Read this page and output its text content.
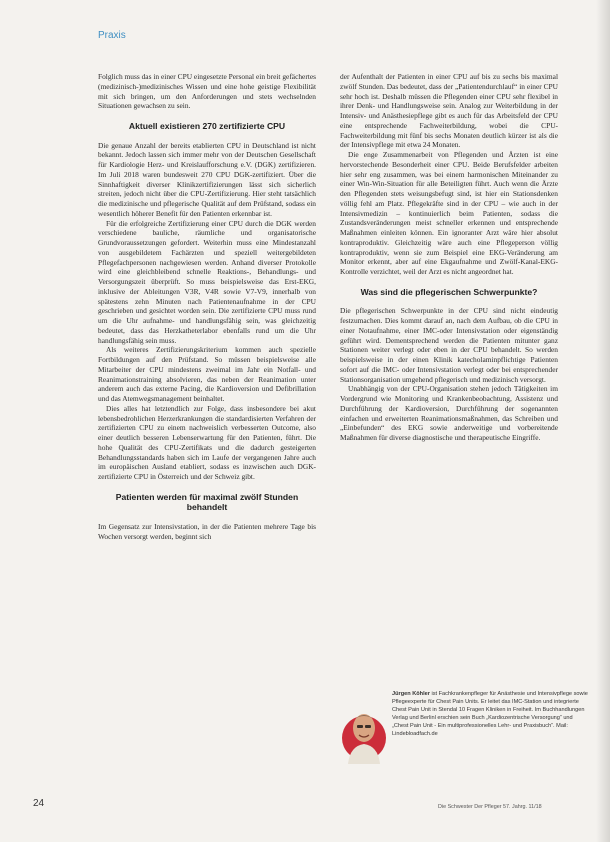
Praxis

Folglich muss das in einer CPU eingesetzte Personal ein breit gefächertes (medizinisch-)medizinisches Wissen und eine hohe geistige Flexibilität mit sich bringen, um den Anforderungen und stets wechselnden Situationen gewachsen zu sein.

Aktuell existieren 270 zertifizierte CPU

Die genaue Anzahl der bereits etablierten CPU in Deutschland ist nicht bekannt. Jedoch lassen sich immer mehr von der Deutschen Gesellschaft für Kardiologie Herz- und Kreislaufforschung e.V. (DGK) zertifizieren. Im Juli 2018 waren bundesweit 270 CPU DGK-zertifiziert. Über die Sinnhaftigkeit diverser Klinikzertifizierungen lässt sich sicherlich streiten, jedoch nicht über die CPU-Zertifizierung. Hier steht tatsächlich die medizinische und pflegerische Qualität auf dem Prüfstand, sodass ein wesentlich höherer Benefit für den Patienten erkennbar ist.

Für die erfolgreiche Zertifizierung einer CPU durch die DGK werden verschiedene bauliche, räumliche und organisatorische Grundvoraussetzungen gefordert. Weiterhin muss eine Mindestanzahl von ausgebildetem Fachärzten und speziell weitergebildeten Pflegefachpersonen nachgewiesen werden. Anhand diverser Protokolle wird eine gleichbleibend schnelle Reaktions-, Behandlungs- und Versorgungszeit überprüft. So muss beispielsweise das Erst-EKG, inklusive der Ableitungen V3R, V4R sowie V7-V9, innerhalb von spätestens zehn Minuten nach Patientenaufnahme in der CPU geschrieben und gesichtet worden sein. Die zertifizierte CPU muss rund um die Uhr aufnahme- und handlungsfähig sein, was gleichzeitig bedeutet, dass das Herzkatheterlabor ebenfalls rund um die Uhr handlungsfähig sein muss.

Als weiteres Zertifizierungskriterium kommen auch spezielle Fortbildungen auf den Prüfstand. So müssen beispielsweise alle Mitarbeiter der CPU mindestens zweimal im Jahr ein Notfall- und Reanimationstraining absolvieren, das neben der Reanimation unter anderem auch das externe Pacing, die Kardioversion und Defibrillation und das Atemwegsmanagement beinhaltet.

Dies alles hat letztendlich zur Folge, dass insbesondere bei akut lebensbedrohlichen Herzerkrankungen die standardisierten Verfahren der zertifizierten CPU zu einem nachweislich verbesserten Outcome, also einer deutlich besseren Lebenserwartung für den Patienten, führt. Die hohe Qualität des CPU-Zertifikats und die dadurch gesteigerten Behandlungsstandards haben sich im Laufe der vergangenen Jahre auch im europäischen Ausland etabliert, sodass es inzwischen auch DGK-zertifizierte CPU in Österreich und der Schweiz gibt.

Patienten werden für maximal zwölf Stunden behandelt

Im Gegensatz zur Intensivstation, in der die Patienten mehrere Tage bis Wochen versorgt werden, beginnt sich

der Aufenthalt der Patienten in einer CPU auf bis zu sechs bis maximal zwölf Stunden. Das bedeutet, dass der „Patientendurchlauf“ in einer CPU sehr hoch ist. Deshalb müssen die Pflegenden einer CPU sehr flexibel in ihrer Denk- und Handlungsweise sein. Analog zur Weiterbildung in der Intensiv- und Anästhesiepflege gibt es auch für das Arbeitsfeld der CPU eine entsprechende Fachweiterbildung, wobei die CPU-Fachweiterbildung mit fünf bis sechs Monaten deutlich kürzer ist als die der Intensivpflege mit etwa 24 Monaten.

Die enge Zusammenarbeit von Pflegenden und Ärzten ist eine hervorstechende Besonderheit einer CPU. Beide Berufsfelder arbeiten hier sehr eng zusammen, was bei einem harmonischen Miteinander zu einer Win-Win-Situation für alle Beteiligten führt. Auch wenn die Ärzte den Pflegenden stets weisungsbefugt sind, ist hier ein Stationsdenken völlig fehl am Platz. Pflegekräfte sind in der CPU – wie auch in der Intensivmedizin – kontinuierlich beim Patienten, sodass die Zustandsveränderungen meist schneller erkennen und entsprechende Maßnahmen einleiten können. Ein ignoranter Arzt wäre hier absolut kontraproduktiv. Gleichzeitig wäre auch eine Pflegeperson völlig kontraproduktiv, wenn sie zum Beispiel eine EKG-Veränderung am Monitor erkennt, aber auf eine Ekgaufnahme und Zwölf-Kanal-EKG-Kontrolle verzichtet, weil der Arzt es nicht angeordnet hat.

Was sind die pflegerischen Schwerpunkte?

Die pflegerischen Schwerpunkte in der CPU sind nicht eindeutig festzumachen. Dies kommt darauf an, nach dem Aufbau, ob die CPU in einer Notaufnahme, einer IMC-oder Intensivstation oder eigenständig geführt wird. Dementsprechend werden die Patienten mitunter ganz Stationen weiter verlegt oder eben in der CPU behandelt. So werden beispielsweise in der einen Klinik katecholaminpflichtige Patienten sofort auf die IMC- oder Intensivstation verlegt oder bei entsprechender Stationsorganisation umgehend pflegerisch und medizinisch versorgt.

Unabhängig von der CPU-Organisation stehen jedoch Tätigkeiten im Vordergrund wie Monitoring und Krankenbeobachtung, Assistenz und Durchführung der Kardioversion, Durchführung der sogenannten einfachen und erweiterten Reanimationsmaßnahmen, das Schreiben und „Einbefunden“ des EKG sowie anderweitige und vorbereitende Maßnahmen für diverse diagnostische und therapeutische Eingriffe.

Jürgen Köhler ist Fachkrankenpfleger für Anästhesie und Intensivpflege sowie Pflegeexperte für Chest Pain Units. Er leitet das IMC-Station und integrierte Chest Pain Unit in Stendal 10 Fragen Kliniken in Freiheit. Im Buchhandlungen Verlag und Berlinl erschien sein Buch „Kardiozentrische Versorgung“ und „Chest Pain Unit - Ein multiprofessionelles Lehr- und Praxisbuch“. Mail: Lindebloadfach.de
24	Die Schwester Der Pfleger 57. Jahrg. 11/18
